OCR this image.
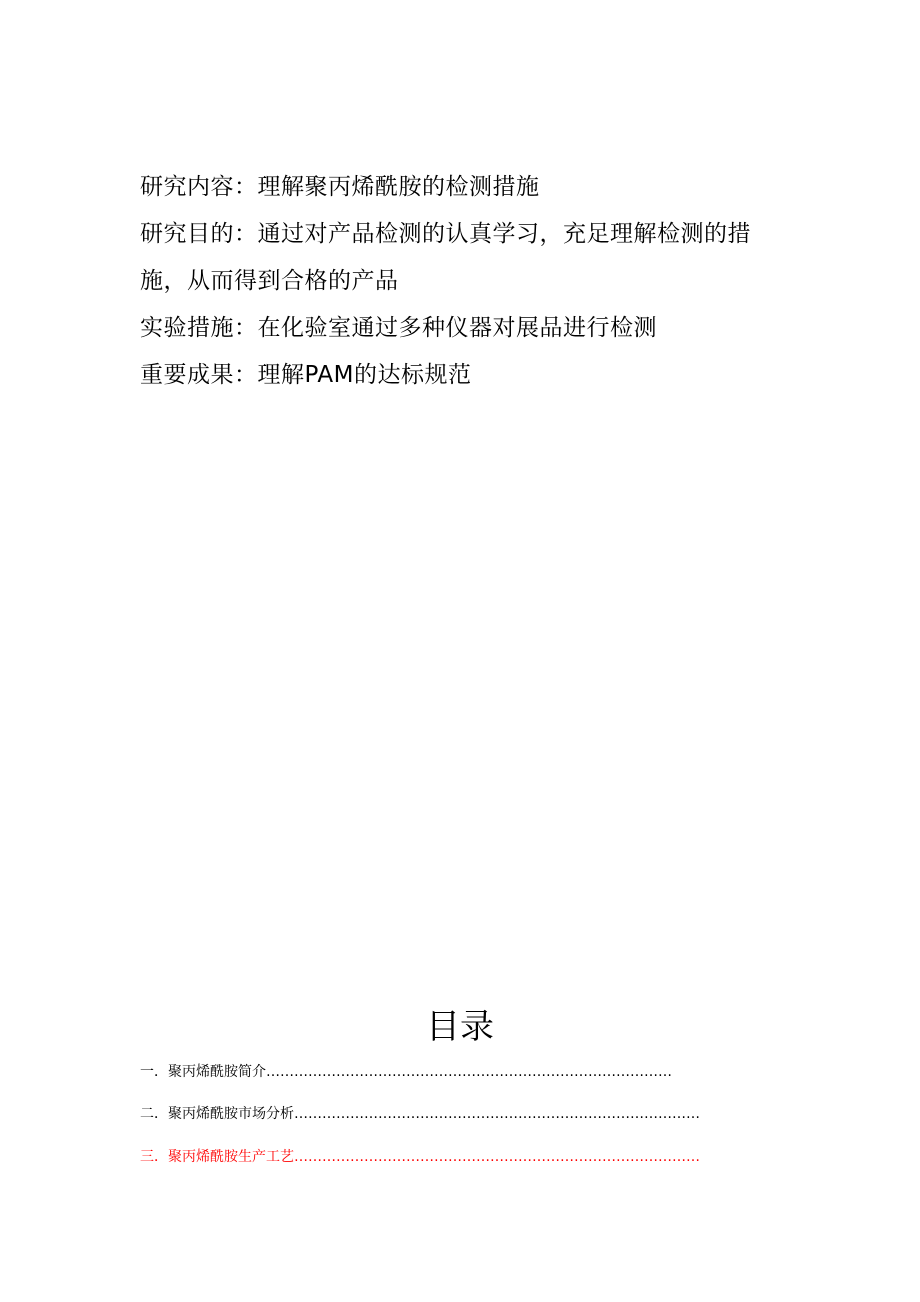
研究内容：理解聚丙烯酰胺的检测措施

研究目的：通过对产品检测的认真学习，充足理解检测的措施，从而得到合格的产品

实验措施：在化验室通过多种仪器对展品进行检测

重要成果：理解PAM的达标规范

目录
一．聚丙烯酰胺简介……………………………………………………………………………
二．聚丙烯酰胺市场分析……………………………………………………………………………
三．聚丙烯酰胺生产工艺……………………………………………………………………………
